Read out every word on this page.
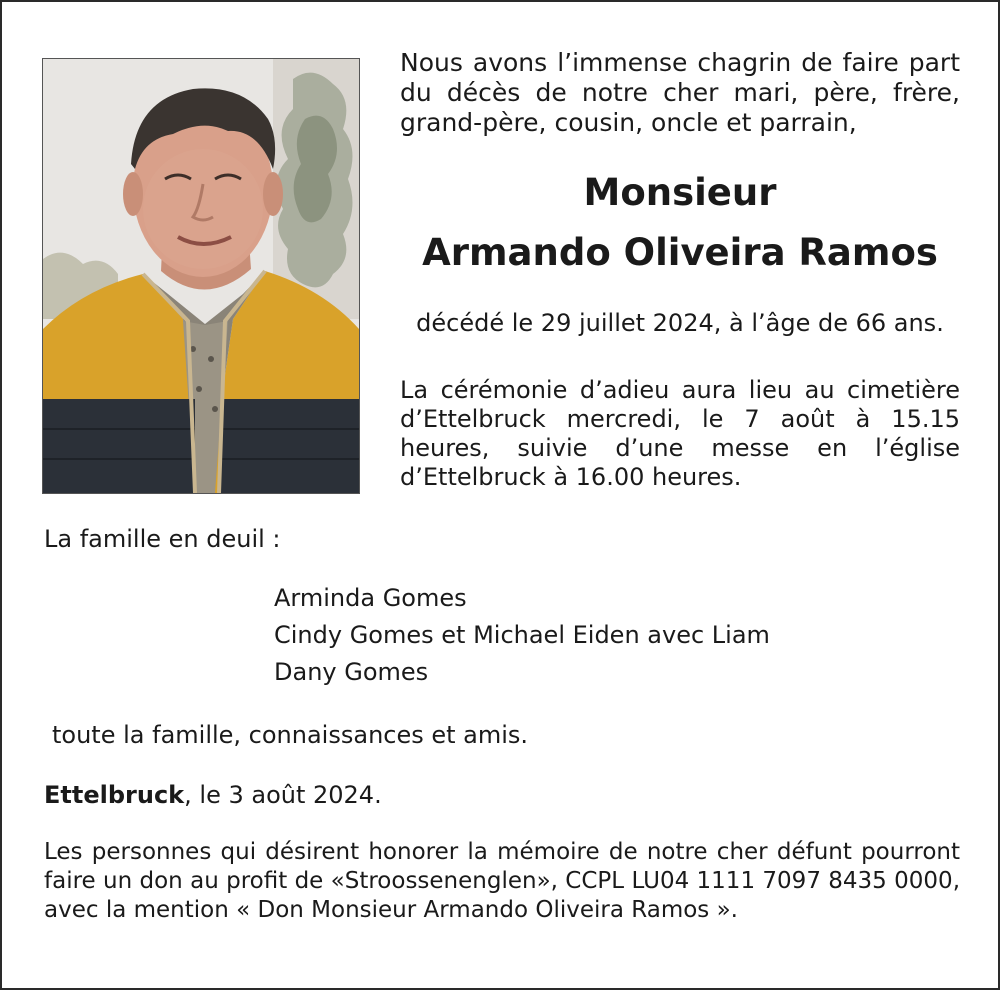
Nous avons l’immense chagrin de faire part du décès de notre cher mari, père, frère, grand-père, cousin, oncle et parrain,
Monsieur
Armando Oliveira Ramos
décédé le 29 juillet 2024, à l’âge de 66 ans.
La cérémonie d’adieu aura lieu au cimetière d’Ettelbruck mercredi, le 7 août à 15.15 heures, suivie d’une messe en l’église d’Ettelbruck à 16.00 heures.
La famille en deuil :
Arminda Gomes
Cindy Gomes et Michael Eiden avec Liam
Dany Gomes
toute la famille, connaissances et amis.
Ettelbruck, le 3 août 2024.
Les personnes qui désirent honorer la mémoire de notre cher défunt pourront faire un don au profit de «Stroossenenglen», CCPL LU04 1111 7097 8435 0000, avec la mention « Don Monsieur Armando Oliveira Ramos ».
